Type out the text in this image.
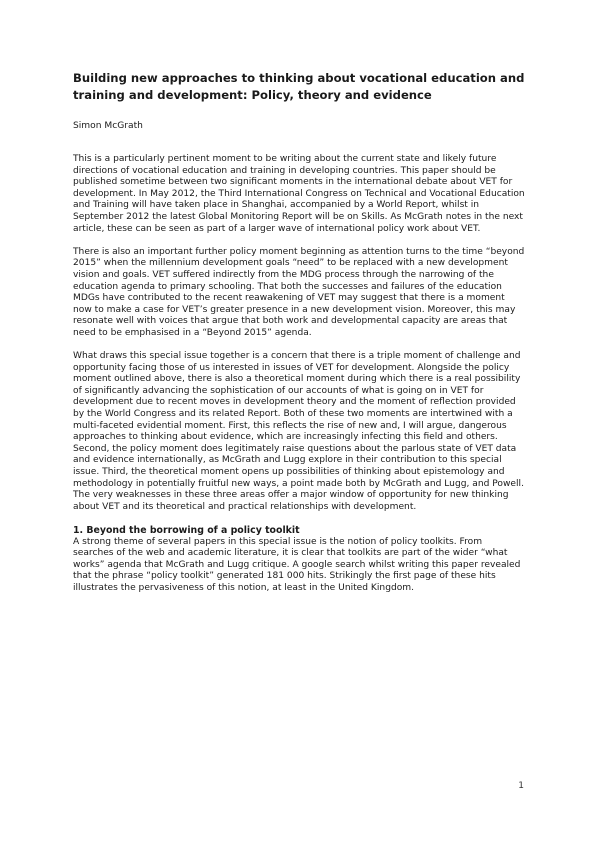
Building new approaches to thinking about vocational education and training and development: Policy, theory and evidence

Simon McGrath

This is a particularly pertinent moment to be writing about the current state and likely future directions of vocational education and training in developing countries. This paper should be published sometime between two significant moments in the international debate about VET for development. In May 2012, the Third International Congress on Technical and Vocational Education and Training will have taken place in Shanghai, accompanied by a World Report, whilst in September 2012 the latest Global Monitoring Report will be on Skills. As McGrath notes in the next article, these can be seen as part of a larger wave of international policy work about VET.

There is also an important further policy moment beginning as attention turns to the time “beyond 2015” when the millennium development goals “need” to be replaced with a new development vision and goals. VET suffered indirectly from the MDG process through the narrowing of the education agenda to primary schooling. That both the successes and failures of the education MDGs have contributed to the recent reawakening of VET may suggest that there is a moment now to make a case for VET’s greater presence in a new development vision. Moreover, this may resonate well with voices that argue that both work and developmental capacity are areas that need to be emphasised in a “Beyond 2015” agenda.

What draws this special issue together is a concern that there is a triple moment of challenge and opportunity facing those of us interested in issues of VET for development. Alongside the policy moment outlined above, there is also a theoretical moment during which there is a real possibility of significantly advancing the sophistication of our accounts of what is going on in VET for development due to recent moves in development theory and the moment of reflection provided by the World Congress and its related Report. Both of these two moments are intertwined with a multi-faceted evidential moment. First, this reflects the rise of new and, I will argue, dangerous approaches to thinking about evidence, which are increasingly infecting this field and others. Second, the policy moment does legitimately raise questions about the parlous state of VET data and evidence internationally, as McGrath and Lugg explore in their contribution to this special issue. Third, the theoretical moment opens up possibilities of thinking about epistemology and methodology in potentially fruitful new ways, a point made both by McGrath and Lugg, and Powell. The very weaknesses in these three areas offer a major window of opportunity for new thinking about VET and its theoretical and practical relationships with development.

1. Beyond the borrowing of a policy toolkit

A strong theme of several papers in this special issue is the notion of policy toolkits. From searches of the web and academic literature, it is clear that toolkits are part of the wider “what works” agenda that McGrath and Lugg critique. A google search whilst writing this paper revealed that the phrase “policy toolkit” generated 181 000 hits. Strikingly the first page of these hits illustrates the pervasiveness of this notion, at least in the United Kingdom.

1
